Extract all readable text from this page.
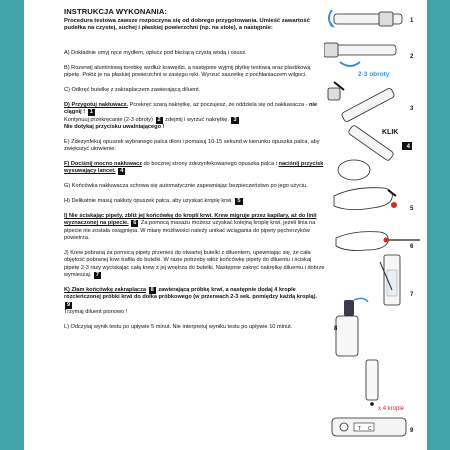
INSTRUKCJA WYKONANIA:
Procedura testowa zawsze rozpoczyna się od dobrego przygotowania. Umieść zawartość pudełka na czystej, suchej i płaskiej powierzchni (np. na stole), a następnie:

A) Dokładnie umyj ręce mydłem, opłucz pod bieżącą czystą wodą i osusz.

B) Rozerwij aluminiową torebkę wzdłuż krawędzi, a następnie wyjmij płytkę testową oraz plastikową pipetę. Połóż je na płaskiej powierzchni w zasięgu ręki. Wyrzuć saszetkę z pochłaniaczem wilgoci.

C) Odkręć butelkę z zakraplaczem zawierającą diluent.

D) Przygotuj nakłuwacz. Przekręć szarą nakrętkę, aż poczujesz, że oddziela się od nakłuwacza - nie ciągnij ! 1

Kontynuuj przekręcanie (2-3 obroty) 2 zdejmij i wyrzuć nakrętkę. 3

Nie dotykaj przycisku uwalniającego !

E) Zdezynfekuj opuszek wybranego palca dłoni i pomasuj 10-15 sekund w kierunku opuszka palca, aby zwiększyć ukrwienie.

F) Dociśnij mocno nakłuwacz do bocznej strony zdezynfekowanego opuszka palca i naciśnij przycisk wysuwający lancet. 4

G) Końcówka nakłuwacza schowa się automatycznie zapewniając bezpieczeństwo po jego użyciu.

H) Delikatnie masuj nakłuty opuszek palca, aby uzyskać kroplę krwi. 5

I) Nie ściskając pipety, zbliż jej końcówkę do kropli krwi. Krew migruje przez kapilary, aż do linii wyznaczonej na pipecie. 6 Za pomocą masażu możesz uzyskać kolejną kroplę krwi, jeżeli linia na pipecie nie została osiągnięta. W miarę możliwości należy unikać wciągania do pipety pęcherzyków powietrza.

J) Krew pobraną za pomocą pipety przenieś do otwartej butelki z diluentem, upewniając się, że cała objętość pobranej krwi trafiła do butelki. W razie potrzeby włóż końcówkę pipety do diluentu i ściskaj pipetę 2-3 razy wyciskając całą krew z jej wnętrza do butelki. Następnie zakręć nakrętkę diluentu i dobrze wymieszaj. 7

K) Złam końcówkę zakraplacza 8 zawierającą próbkę krwi, a następnie dodaj 4 krople rozcieńczonej próbki krwi do dołka próbkowego (w przerwach 2-3 sek. pomiędzy każdą kroplą). 9

Trzymaj diluent pionowo !

L) Odczytaj wynik testu po upływie 5 minut. Nie interpretuj wyniku testu po upływie 10 minut.

1
2-3 obroty
2
3
KLIK
4
5
6
7
8
x 4 krople
T C	9
